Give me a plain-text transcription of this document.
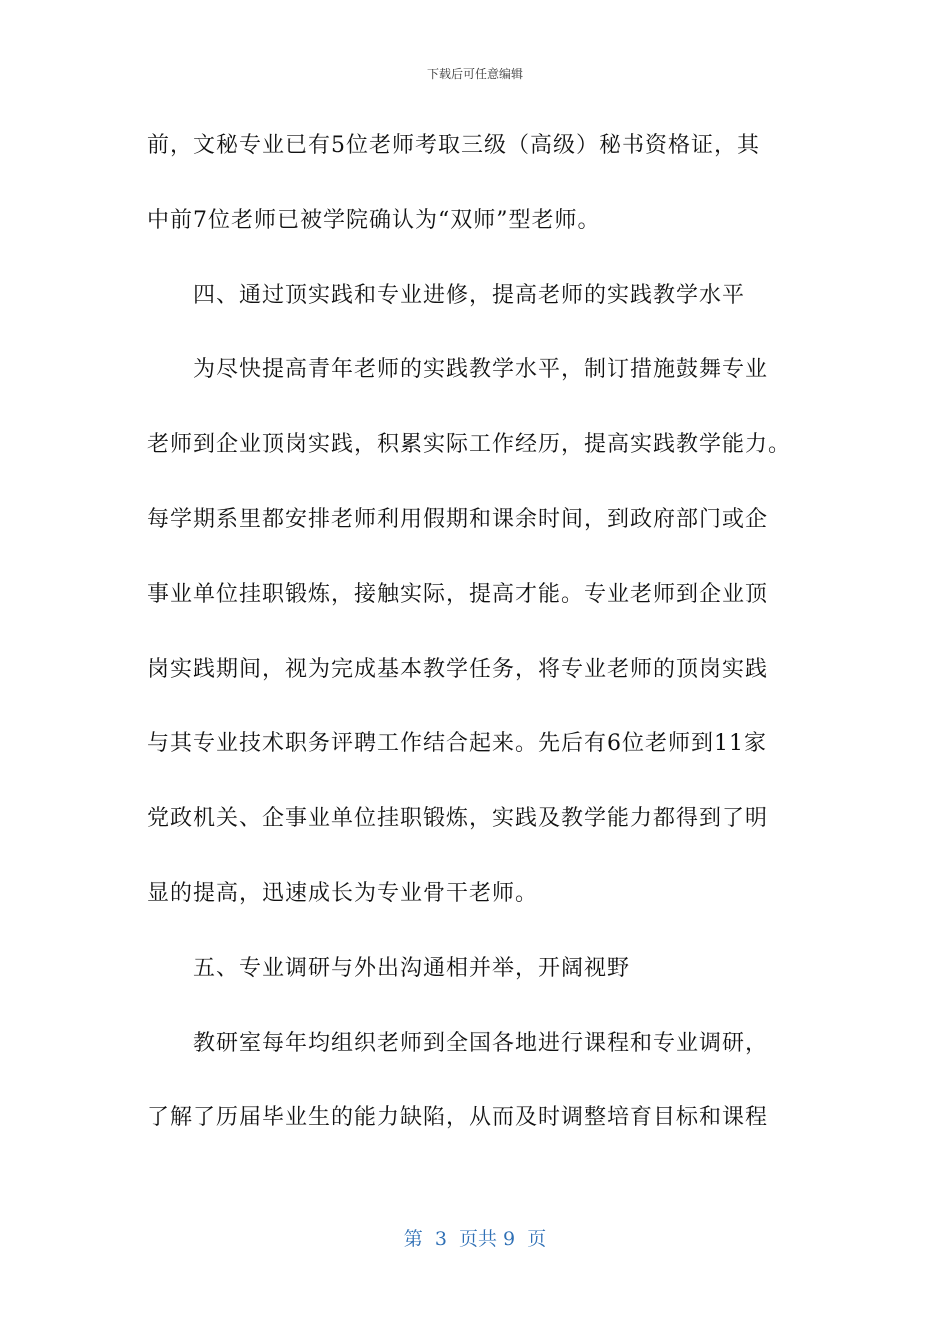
下载后可任意编辑
前，文秘专业已有5位老师考取三级（高级）秘书资格证，其
中前7位老师已被学院确认为“双师”型老师。
四、通过顶实践和专业进修，提高老师的实践教学水平
为尽快提高青年老师的实践教学水平，制订措施鼓舞专业
老师到企业顶岗实践，积累实际工作经历，提高实践教学能力。
每学期系里都安排老师利用假期和课余时间，到政府部门或企
事业单位挂职锻炼，接触实际，提高才能。专业老师到企业顶
岗实践期间，视为完成基本教学任务，将专业老师的顶岗实践
与其专业技术职务评聘工作结合起来。先后有6位老师到11家
党政机关、企事业单位挂职锻炼，实践及教学能力都得到了明
显的提高，迅速成长为专业骨干老师。
五、专业调研与外出沟通相并举，开阔视野
教研室每年均组织老师到全国各地进行课程和专业调研，
了解了历届毕业生的能力缺陷，从而及时调整培育目标和课程
第  3  页共 9  页
